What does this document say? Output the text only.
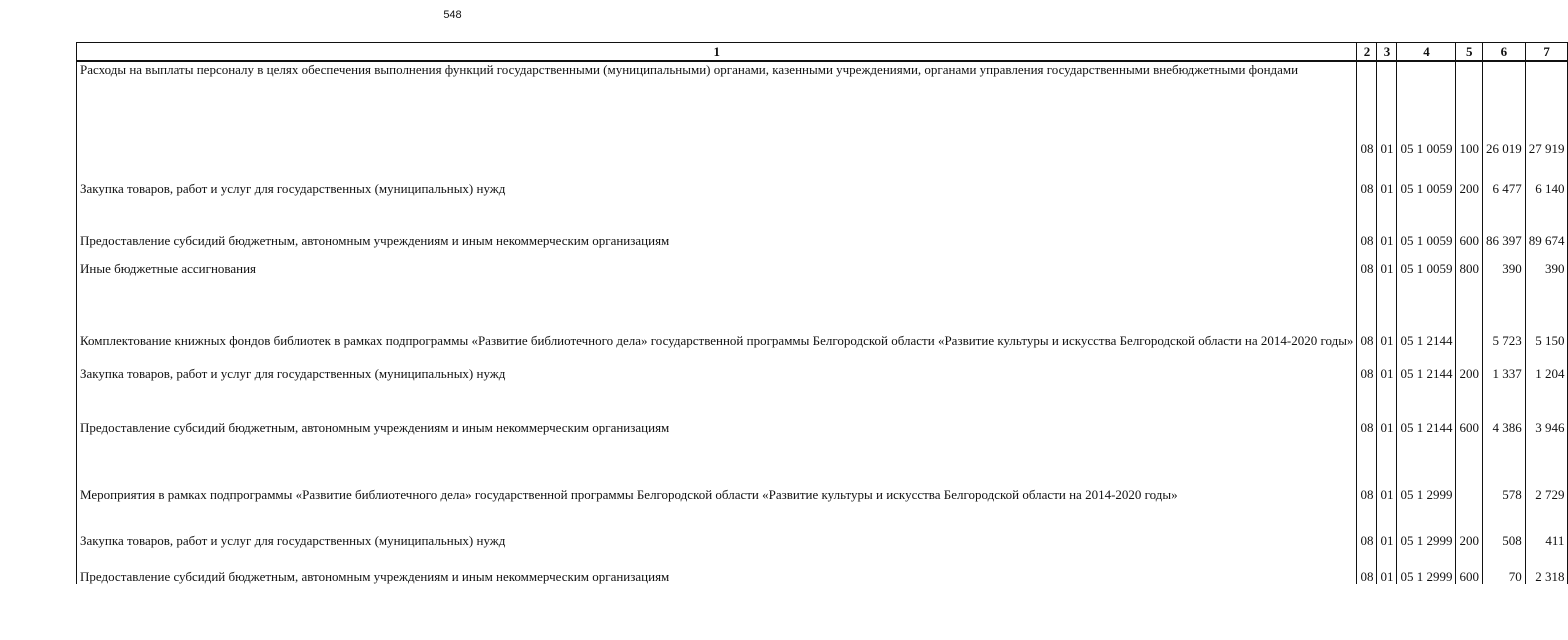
548
1	2	3	4	5	6	7
Расходы на выплаты персоналу в целях обеспечения выполнения функций государственными (муниципальными) органами, казенными учреждениями, органами управления государственными внебюджетными фондами	08	01	05 1 0059	100	26 019	27 919
Закупка товаров, работ и услуг для государственных (муниципальных) нужд	08	01	05 1 0059	200	6 477	6 140
Предоставление субсидий бюджетным, автономным учреждениям и иным некоммерческим организациям	08	01	05 1 0059	600	86 397	89 674
Иные бюджетные ассигнования	08	01	05 1 0059	800	390	390
Комплектование книжных фондов библиотек в рамках подпрограммы «Развитие библиотечного дела» государственной программы Белгородской области «Развитие культуры и искусства Белгородской области на 2014-2020 годы»	08	01	05 1 2144		5 723	5 150
Закупка товаров, работ и услуг для государственных (муниципальных) нужд	08	01	05 1 2144	200	1 337	1 204
Предоставление субсидий бюджетным, автономным учреждениям и иным некоммерческим организациям	08	01	05 1 2144	600	4 386	3 946
Мероприятия в рамках подпрограммы «Развитие библиотечного дела» государственной программы Белгородской области «Развитие культуры и искусства Белгородской области на 2014-2020 годы»	08	01	05 1 2999		578	2 729
Закупка товаров, работ и услуг для государственных (муниципальных) нужд	08	01	05 1 2999	200	508	411
Предоставление субсидий бюджетным, автономным учреждениям и иным некоммерческим организациям	08	01	05 1 2999	600	70	2 318
